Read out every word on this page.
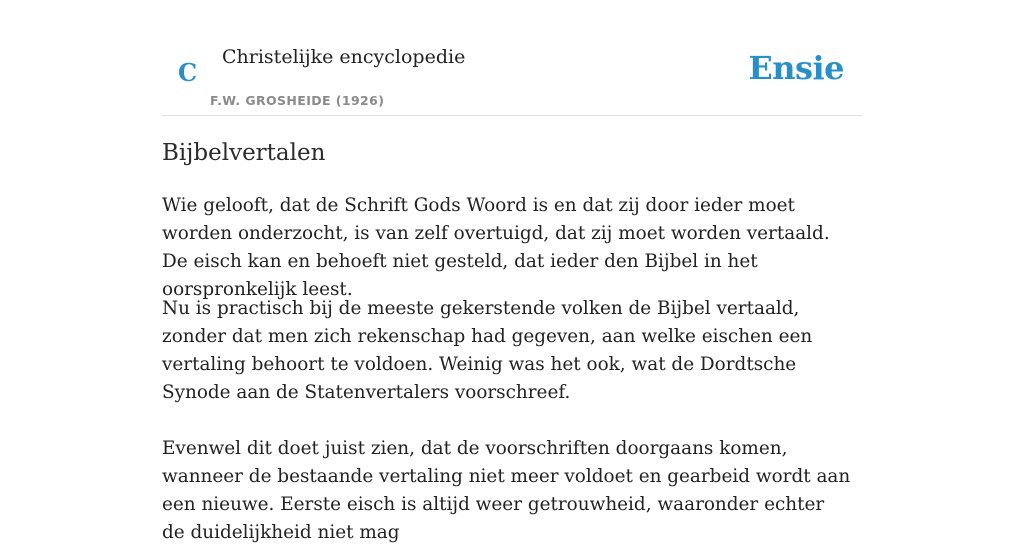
C
Christelijke encyclopedie
F.W. GROSHEIDE (1926)
Ensie
Bijbelvertalen

Wie gelooft, dat de Schrift Gods Woord is en dat zij door ieder moet worden onderzocht, is van zelf overtuigd, dat zij moet worden vertaald. De eisch kan en behoeft niet gesteld, dat ieder den Bijbel in het oorspronkelijk leest.

Nu is practisch bij de meeste gekerstende volken de Bijbel vertaald, zonder dat men zich rekenschap had gegeven, aan welke eischen een vertaling behoort te voldoen. Weinig was het ook, wat de Dordtsche Synode aan de Statenvertalers voorschreef.

Evenwel dit doet juist zien, dat de voorschriften doorgaans komen, wanneer de bestaande vertaling niet meer voldoet en gearbeid wordt aan een nieuwe. Eerste eisch is altijd weer getrouwheid, waaronder echter de duidelijkheid niet mag
